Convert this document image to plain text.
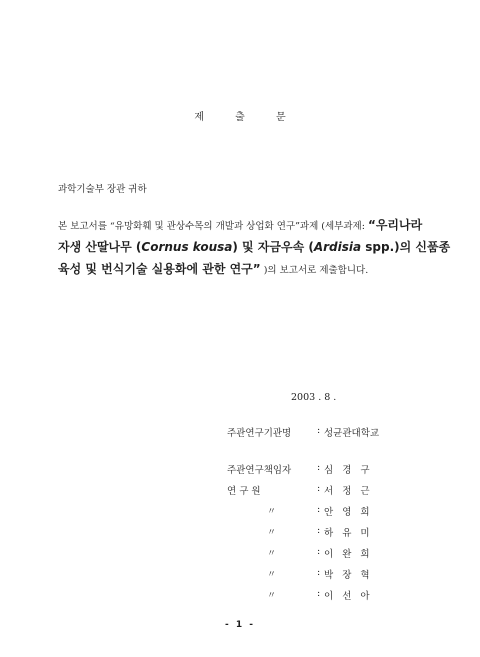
제 출 문
과학기술부 장관 귀하
본 보고서를 “유망화훼 및 관상수목의 개발과 상업화 연구”과제 (세부과제: “우리나라
자생 산딸나무 (Cornus kousa) 및 자금우속 (Ardisia spp.)의 신품종
육성 및 번식기술 실용화에 관한 연구” )의 보고서로 제출합니다.
2003 . 8 .
주관연구기관명	: 성균관대학교
주관연구책임자	: 심 경 구
연 구 원	: 서 정 근
〃	: 안 영 희
〃	: 하 유 미
〃	: 이 완 희
〃	: 박 장 혁
〃	: 이 선 아
- 1 -
